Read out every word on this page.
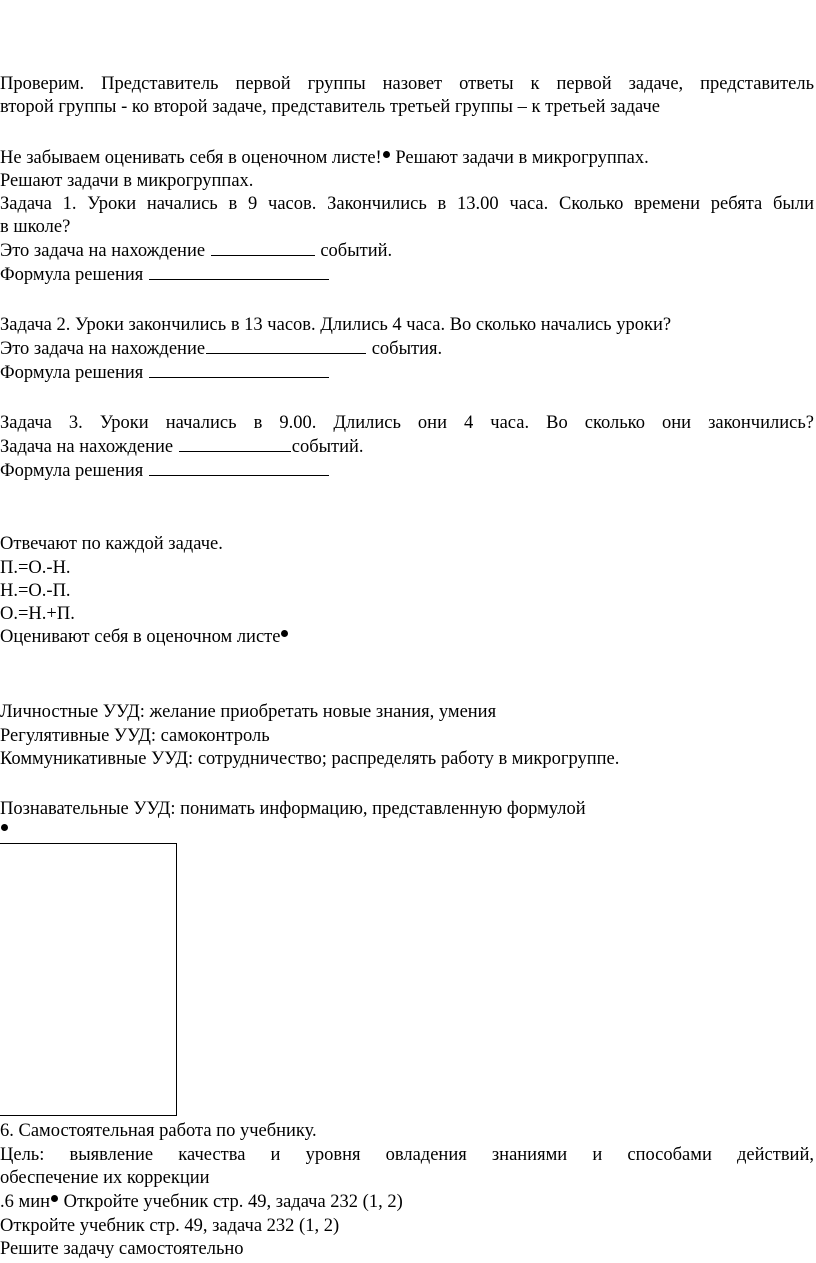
Проверим. Представитель первой группы назовет ответы к первой задаче, представитель
второй группы - ко второй задаче, представитель третьей группы – к третьей задаче
Не забываем оценивать себя в оценочном листе! Решают задачи в микрогруппах.
Решают задачи в микрогруппах.
Задача 1. Уроки начались в 9 часов. Закончились в 13.00 часа. Сколько времени ребята были
в школе?
Это задача на нахождение	событий.
Формула решения
Задача 2. Уроки закончились в 13 часов. Длились 4 часа. Во сколько начались уроки?
Это задача на нахождение	события.
Формула решения
Задача 3. Уроки начались в 9.00. Длились они 4 часа. Во сколько они закончились?
Задача на нахождение	событий.
Формула решения
Отвечают по каждой задаче.
П.=О.-Н.
Н.=О.-П.
О.=Н.+П.
Оценивают себя в оценочном листе
Личностные УУД: желание приобретать новые знания, умения
Регулятивные УУД: самоконтроль
Коммуникативные УУД: сотрудничество; распределять работу в микрогруппе.
Познавательные УУД: понимать информацию, представленную формулой
6. Самостоятельная работа по учебнику.
Цель: выявление качества и уровня овладения знаниями и способами действий,
обеспечение их коррекции
.6 мин Откройте учебник стр. 49, задача 232 (1, 2)
Откройте учебник стр. 49, задача 232 (1, 2)
Решите задачу самостоятельно
